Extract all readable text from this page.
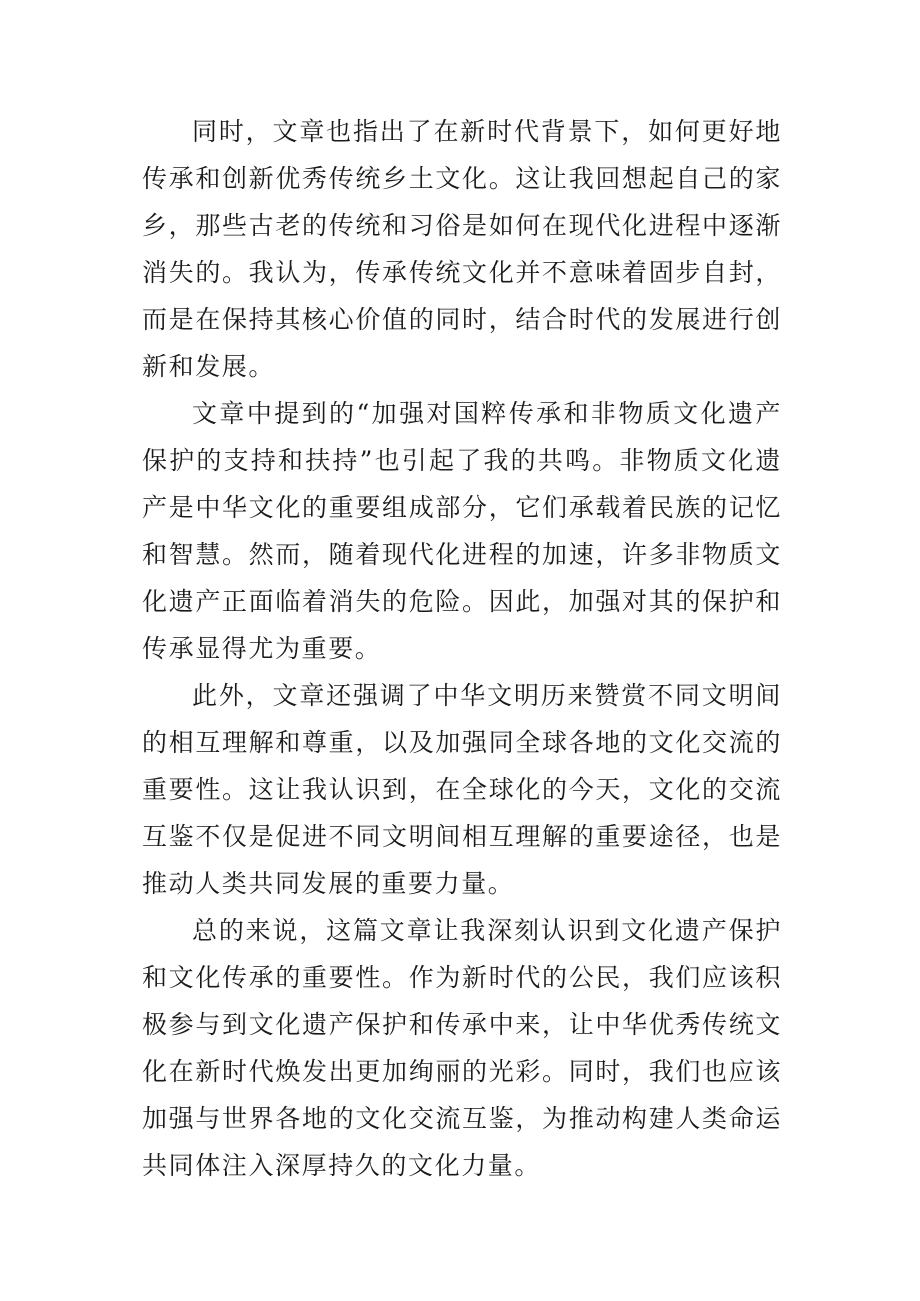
同时，文章也指出了在新时代背景下，如何更好地传承和创新优秀传统乡土文化。这让我回想起自己的家乡，那些古老的传统和习俗是如何在现代化进程中逐渐消失的。我认为，传承传统文化并不意味着固步自封，而是在保持其核心价值的同时，结合时代的发展进行创新和发展。

文章中提到的“加强对国粹传承和非物质文化遗产保护的支持和扶持”也引起了我的共鸣。非物质文化遗产是中华文化的重要组成部分，它们承载着民族的记忆和智慧。然而，随着现代化进程的加速，许多非物质文化遗产正面临着消失的危险。因此，加强对其的保护和传承显得尤为重要。

此外，文章还强调了中华文明历来赞赏不同文明间的相互理解和尊重，以及加强同全球各地的文化交流的重要性。这让我认识到，在全球化的今天，文化的交流互鉴不仅是促进不同文明间相互理解的重要途径，也是推动人类共同发展的重要力量。

总的来说，这篇文章让我深刻认识到文化遗产保护和文化传承的重要性。作为新时代的公民，我们应该积极参与到文化遗产保护和传承中来，让中华优秀传统文化在新时代焕发出更加绚丽的光彩。同时，我们也应该加强与世界各地的文化交流互鉴，为推动构建人类命运共同体注入深厚持久的文化力量。
